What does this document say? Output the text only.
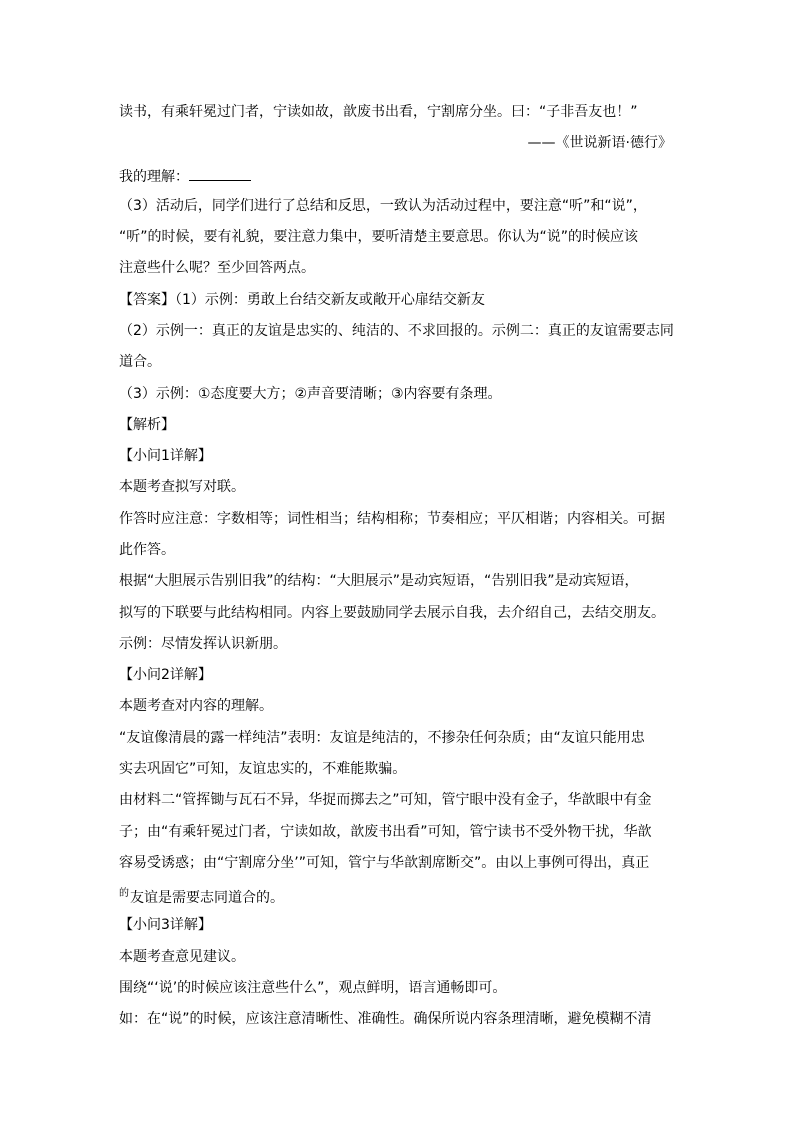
读书，有乘轩冕过门者，宁读如故，歆废书出看，宁割席分坐。曰：“子非吾友也！”
——《世说新语·德行》
我的理解：
（3）活动后，同学们进行了总结和反思，一致认为活动过程中，要注意“听”和“说”，
“听”的时候，要有礼貌，要注意力集中，要听清楚主要意思。你认为“说”的时候应该
注意些什么呢？至少回答两点。
【答案】（1）示例：勇敢上台结交新友或敞开心扉结交新友
（2）示例一：真正的友谊是忠实的、纯洁的、不求回报的。示例二：真正的友谊需要志同
道合。
（3）示例：①态度要大方；②声音要清晰；③内容要有条理。
【解析】
【小问1详解】
本题考查拟写对联。
作答时应注意：字数相等；词性相当；结构相称；节奏相应；平仄相谐；内容相关。可据
此作答。
根据“大胆展示告别旧我”的结构：“大胆展示”是动宾短语，“告别旧我”是动宾短语，
拟写的下联要与此结构相同。内容上要鼓励同学去展示自我，去介绍自己，去结交朋友。
示例：尽情发挥认识新朋。
【小问2详解】
本题考查对内容的理解。
“友谊像清晨的露一样纯洁”表明：友谊是纯洁的，不掺杂任何杂质；由“友谊只能用忠
实去巩固它”可知，友谊忠实的，不难能欺骗。
由材料二“管挥锄与瓦石不异，华捉而掷去之”可知，管宁眼中没有金子，华歆眼中有金
子；由“有乘轩冕过门者，宁读如故，歆废书出看”可知，管宁读书不受外物干扰，华歆
容易受诱惑；由“宁割席分坐’”可知，管宁与华歆割席断交”。由以上事例可得出，真正
$^的$友谊是需要志同道合的。
【小问3详解】
本题考查意见建议。
围绕“‘说’的时候应该注意些什么”，观点鲜明，语言通畅即可。
如：在“说”的时候，应该注意清晰性、准确性。确保所说内容条理清晰，避免模糊不清
